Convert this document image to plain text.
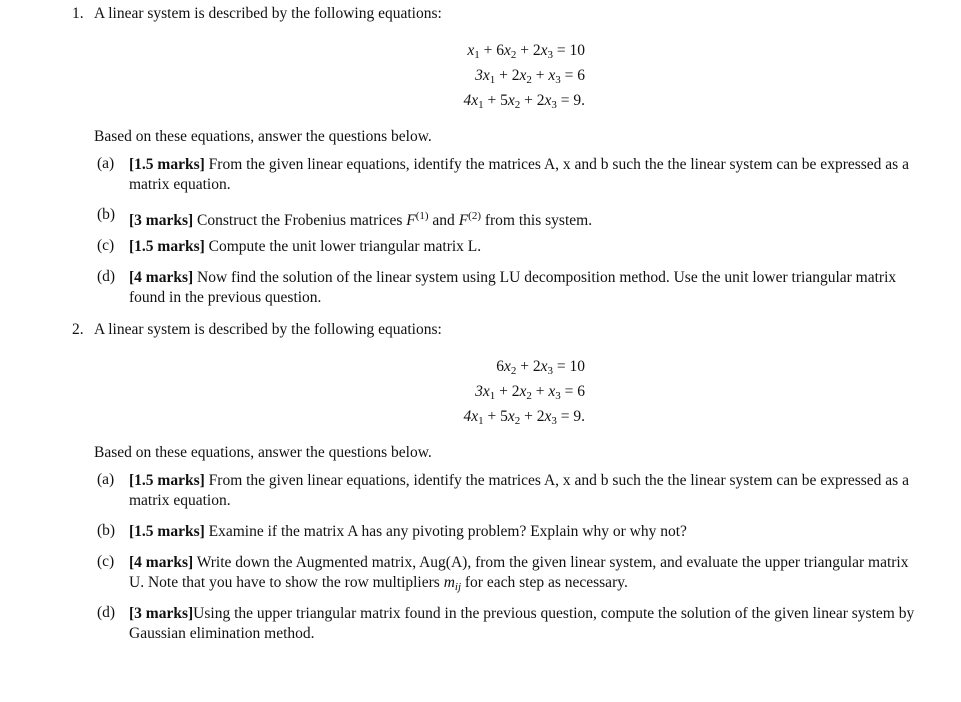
1. A linear system is described by the following equations:
$x_1 + 6x_2 + 2x_3 = 10$
$3x_1 + 2x_2 + x_3 = 6$
$4x_1 + 5x_2 + 2x_3 = 9$.
Based on these equations, answer the questions below.
(a) [1.5 marks] From the given linear equations, identify the matrices A, x and b such the the linear system can be expressed as a matrix equation.
(b) [3 marks] Construct the Frobenius matrices $F^{(1)}$ and $F^{(2)}$ from this system.
(c) [1.5 marks] Compute the unit lower triangular matrix L.
(d) [4 marks] Now find the solution of the linear system using LU decomposition method. Use the unit lower triangular matrix found in the previous question.
2. A linear system is described by the following equations:
$6x_2 + 2x_3 = 10$
$3x_1 + 2x_2 + x_3 = 6$
$4x_1 + 5x_2 + 2x_3 = 9$.
Based on these equations, answer the questions below.
(a) [1.5 marks] From the given linear equations, identify the matrices A, x and b such the the linear system can be expressed as a matrix equation.
(b) [1.5 marks] Examine if the matrix A has any pivoting problem? Explain why or why not?
(c) [4 marks] Write down the Augmented matrix, Aug(A), from the given linear system, and evaluate the upper triangular matrix U. Note that you have to show the row multipliers $m_{ij}$ for each step as necessary.
(d) [3 marks]Using the upper triangular matrix found in the previous question, compute the solution of the given linear system by Gaussian elimination method.
